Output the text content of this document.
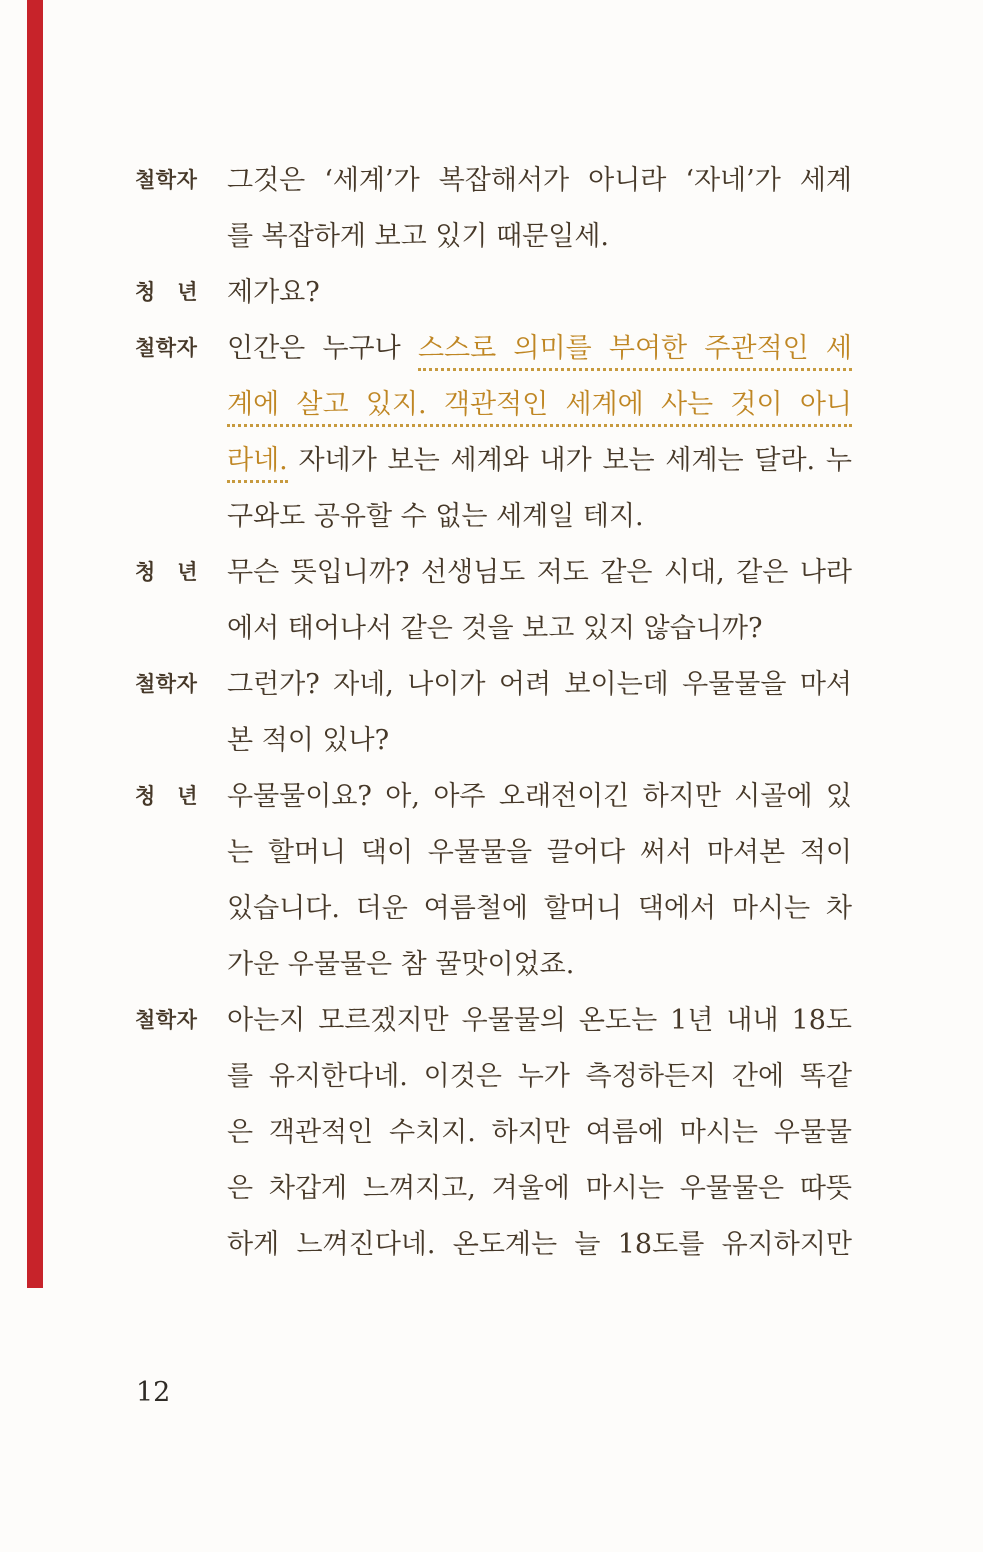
철학자 그것은 ‘세계’가 복잡해서가 아니라 ‘자네’가 세계
를 복잡하게 보고 있기 때문일세.
청 년 제가요?
철학자 인간은 누구나 스스로 의미를 부여한 주관적인 세
계에 살고 있지. 객관적인 세계에 사는 것이 아니
라네. 자네가 보는 세계와 내가 보는 세계는 달라. 누
구와도 공유할 수 없는 세계일 테지.
청 년 무슨 뜻입니까? 선생님도 저도 같은 시대, 같은 나라
에서 태어나서 같은 것을 보고 있지 않습니까?
철학자 그런가? 자네, 나이가 어려 보이는데 우물물을 마셔
본 적이 있나?
청 년 우물물이요? 아, 아주 오래전이긴 하지만 시골에 있
는 할머니 댁이 우물물을 끌어다 써서 마셔본 적이
있습니다. 더운 여름철에 할머니 댁에서 마시는 차
가운 우물물은 참 꿀맛이었죠.
철학자 아는지 모르겠지만 우물물의 온도는 1년 내내 18도
를 유지한다네. 이것은 누가 측정하든지 간에 똑같
은 객관적인 수치지. 하지만 여름에 마시는 우물물
은 차갑게 느껴지고, 겨울에 마시는 우물물은 따뜻
하게 느껴진다네. 온도계는 늘 18도를 유지하지만
12
